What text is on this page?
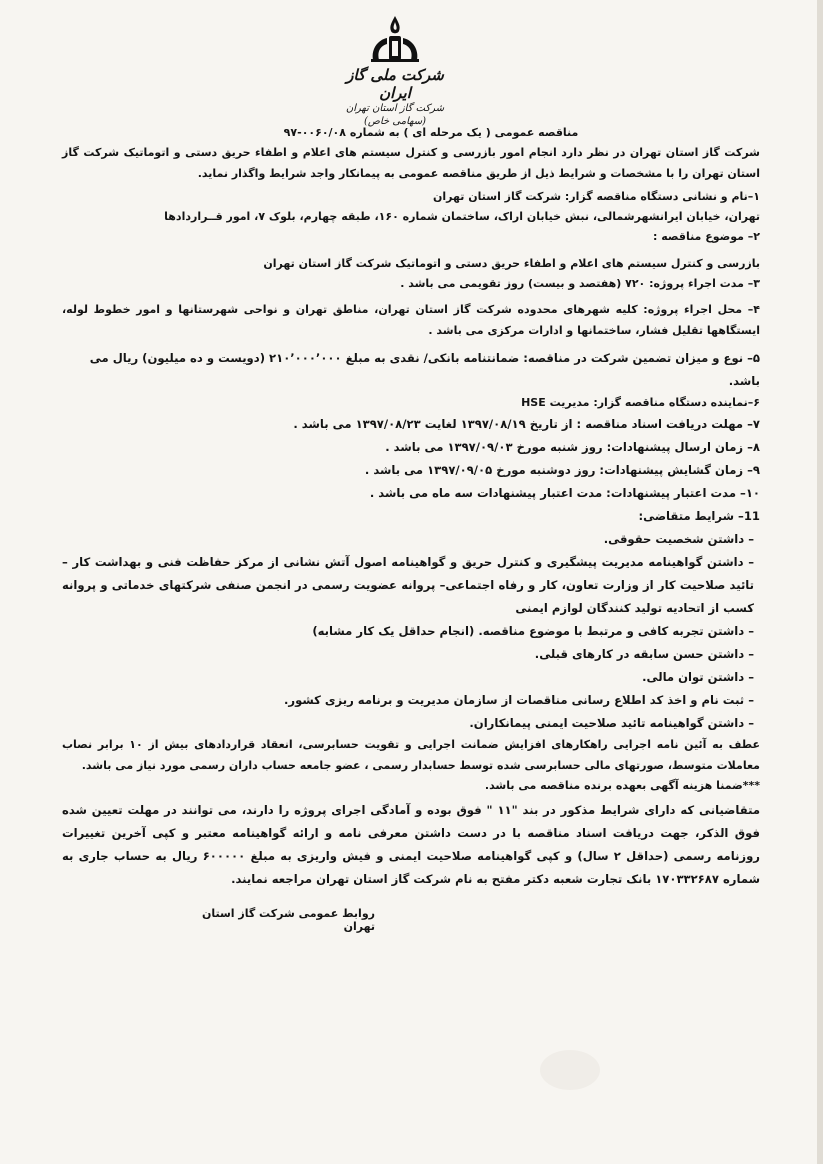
شرکت ملی گاز ایران
شرکت گاز استان تهران (سهامی خاص)

مناقصه عمومی ( یک مرحله ای ) به شماره ۰۰۶۰/۰۸-۹۷

شرکت گاز استان تهران در نظر دارد انجام امور بازرسی و کنترل سیستم های اعلام و اطفاء حریق دستی و اتوماتیک شرکت گاز استان تهران را با مشخصات و شرایط ذیل از طریق مناقصه عمومی به پیمانکار واجد شرایط واگذار نماید.

۱–نام و نشانی دستگاه مناقصه گزار: شرکت گاز استان تهران

تهران، خیابان ایرانشهرشمالی، نبش خیابان اراک، ساختمان شماره ۱۶۰، طبقه چهارم، بلوک ۷، امور قــراردادها

۲– موضوع مناقصه :

بازرسی و کنترل سیستم های اعلام و اطفاء حریق دستی و اتوماتیک شرکت گاز استان تهران

۳– مدت اجراء پروژه: ۷۲۰ (هفتصد و بیست) روز تقویمی می باشد .

۴– محل اجراء پروژه: کلیه شهرهای محدوده شرکت گاز استان تهران، مناطق تهران و نواحی شهرستانها و امور خطوط لوله، ایستگاهها تقلیل فشار، ساختمانها و ادارات مرکزی می باشد .

۵– نوع و میزان تضمین شرکت در مناقصه: ضمانتنامه بانکی/ نقدی به مبلغ ۲۱۰٬۰۰۰٬۰۰۰ (دویست و ده میلیون) ریال می باشد.

۶–نماینده دستگاه مناقصه گزار: مدیریت HSE

۷– مهلت دریافت اسناد مناقصه : از تاریخ ۱۳۹۷/۰۸/۱۹ لغایت ۱۳۹۷/۰۸/۲۳ می باشد .

۸– زمان ارسال پیشنهادات: روز شنبه مورخ ۱۳۹۷/۰۹/۰۳ می باشد .

۹– زمان گشایش پیشنهادات: روز دوشنبه مورخ ۱۳۹۷/۰۹/۰۵ می باشد .

۱۰– مدت اعتبار پیشنهادات: مدت اعتبار پیشنهادات سه ماه می باشد .

11– شرایط متقاضی:

– داشتن شخصیت حقوقی.

– داشتن گواهینامه مدیریت پیشگیری و کنترل حریق و گواهینامه اصول آتش نشانی از مرکز حفاظت فنی و بهداشت کار – تائید صلاحیت کار از وزارت تعاون، کار و رفاه اجتماعی– پروانه عضویت رسمی در انجمن صنفی شرکتهای خدماتی و پروانه کسب از اتحادیه تولید کنندگان لوازم ایمنی

– داشتن تجربه کافی و مرتبط با موضوع مناقصه. (انجام حداقل یک کار مشابه)

– داشتن حسن سابقه در کارهای قبلی.

– داشتن توان مالی.

– ثبت نام و اخذ کد اطلاع رسانی مناقصات از سازمان مدیریت و برنامه ریزی کشور.

– داشتن گواهینامه تائید صلاحیت ایمنی پیمانکاران.

عطف به آئین نامه اجرایی راهکارهای افزایش ضمانت اجرایی و تقویت حسابرسی، انعقاد قراردادهای بیش از ۱۰ برابر نصاب معاملات متوسط، صورتهای مالی حسابرسی شده توسط حسابدار رسمی ، عضو جامعه حساب داران رسمی مورد نیاز می باشد.

***ضمنا هزینه آگهی بعهده برنده مناقصه می باشد.

متقاضیانی که دارای شرایط مذکور در بند "۱۱ " فوق بوده و آمادگی اجرای پروژه را دارند، می توانند در مهلت تعیین شده فوق الذکر، جهت دریافت اسناد مناقصه با در دست داشتن معرفی نامه و ارائه گواهینامه معتبر و کپی آخرین تغییرات روزنامه رسمی (حداقل ۲ سال) و کپی گواهینامه صلاحیت ایمنی و فیش واریزی به مبلغ ۶۰۰۰۰۰ ریال به حساب جاری به شماره ۱۷۰۳۳۲۶۸۷ بانک تجارت شعبه دکتر مفتح به نام شرکت گاز استان تهران مراجعه نمایند.

روابط عمومی شرکت گاز استان تهران
